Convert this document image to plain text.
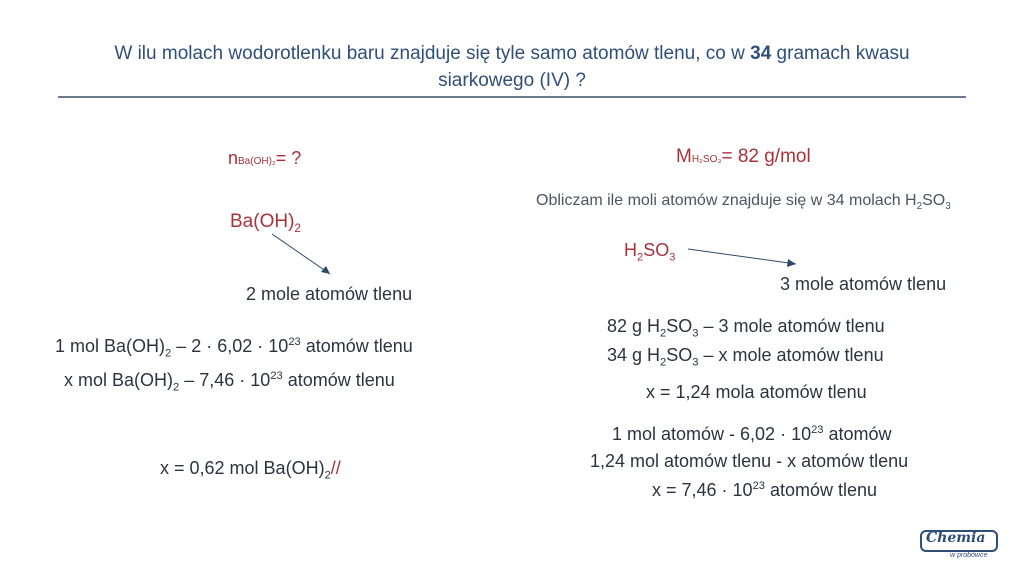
W ilu molach wodorotlenku baru znajduje się tyle samo atomów tlenu, co w 34 gramach kwasu
siarkowego (IV) ?
nBa(OH)₂= ?
$Ba(OH)_2$
2 mole atomów tlenu
1 mol $Ba(OH)_2 - 2 \cdot 6,02 \cdot 10^{23}$ atomów tlenu
x mol $Ba(OH)_2 - 7,46 \cdot 10^{23}$ atomów tlenu
x = 0,62 mol $Ba(OH)_2//$
MH₂SO₃= 82 g/mol
Obliczam ile moli atomów znajduje się w 34 molach $H_2SO_3$
$H_2SO_3$
3 mole atomów tlenu
82 g $H_2SO_3 - 3$ mole atomów tlenu
34 g $H_2SO_3$ – x mole atomów tlenu
x = 1,24 mola atomów tlenu
1 mol atomów - $6,02 \cdot 10^{23}$ atomów
1,24 mol atomów tlenu - x atomów tlenu
$x = 7,46 \cdot 10^{23}$ atomów tlenu
Chemia
w probówce
